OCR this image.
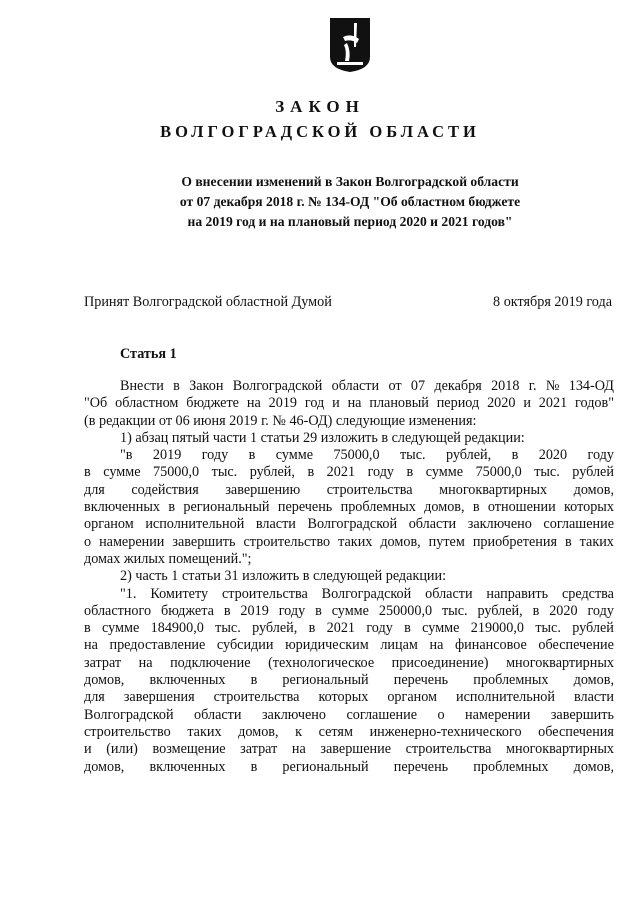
ЗАКОН
ВОЛГОГРАДСКОЙ ОБЛАСТИ
О внесении изменений в Закон Волгоградской области
от 07 декабря 2018 г. № 134-ОД "Об областном бюджете
на 2019 год и на плановый период 2020 и 2021 годов"
Принят Волгоградской областной Думой	8 октября 2019 года
Статья 1
Внести в Закон Волгоградской области от 07 декабря 2018 г. № 134-ОД
"Об областном бюджете на 2019 год и на плановый период 2020 и 2021 годов"
(в редакции от 06 июня 2019 г. № 46-ОД) следующие изменения:
1) абзац пятый части 1 статьи 29 изложить в следующей редакции:
"в 2019 году в сумме 75000,0 тыс. рублей, в 2020 году
в сумме 75000,0 тыс. рублей, в 2021 году в сумме 75000,0 тыс. рублей
для содействия завершению строительства многоквартирных домов,
включенных в региональный перечень проблемных домов, в отношении которых
органом исполнительной власти Волгоградской области заключено соглашение
о намерении завершить строительство таких домов, путем приобретения в таких
домах жилых помещений.";
2) часть 1 статьи 31 изложить в следующей редакции:
"1. Комитету строительства Волгоградской области направить средства
областного бюджета в 2019 году в сумме 250000,0 тыс. рублей, в 2020 году
в сумме 184900,0 тыс. рублей, в 2021 году в сумме 219000,0 тыс. рублей
на предоставление субсидии юридическим лицам на финансовое обеспечение
затрат на подключение (технологическое присоединение) многоквартирных
домов, включенных в региональный перечень проблемных домов,
для завершения строительства которых органом исполнительной власти
Волгоградской области заключено соглашение о намерении завершить
строительство таких домов, к сетям инженерно-технического обеспечения
и (или) возмещение затрат на завершение строительства многоквартирных
домов, включенных в региональный перечень проблемных домов,
